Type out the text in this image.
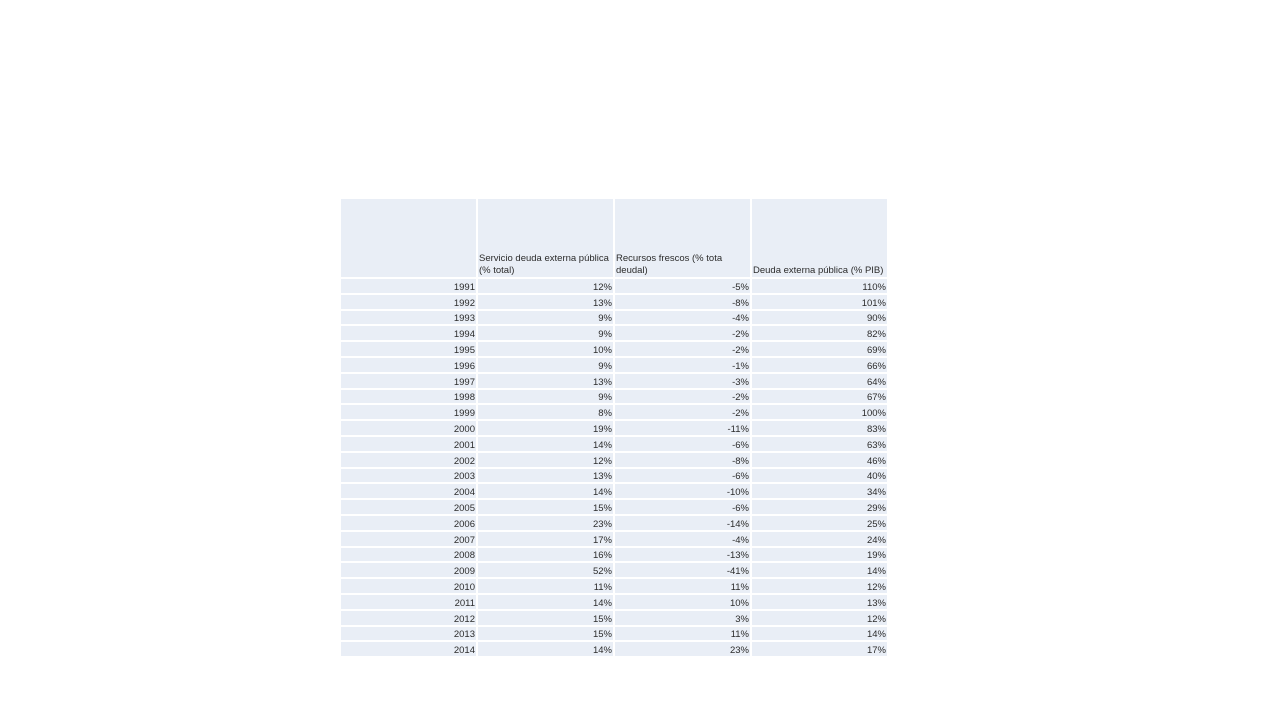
	Servicio deuda externa pública (% total)	Recursos frescos (% tota deudal)	Deuda externa pública (% PIB)
1991	12%	-5%	110%
1992	13%	-8%	101%
1993	9%	-4%	90%
1994	9%	-2%	82%
1995	10%	-2%	69%
1996	9%	-1%	66%
1997	13%	-3%	64%
1998	9%	-2%	67%
1999	8%	-2%	100%
2000	19%	-11%	83%
2001	14%	-6%	63%
2002	12%	-8%	46%
2003	13%	-6%	40%
2004	14%	-10%	34%
2005	15%	-6%	29%
2006	23%	-14%	25%
2007	17%	-4%	24%
2008	16%	-13%	19%
2009	52%	-41%	14%
2010	11%	11%	12%
2011	14%	10%	13%
2012	15%	3%	12%
2013	15%	11%	14%
2014	14%	23%	17%
